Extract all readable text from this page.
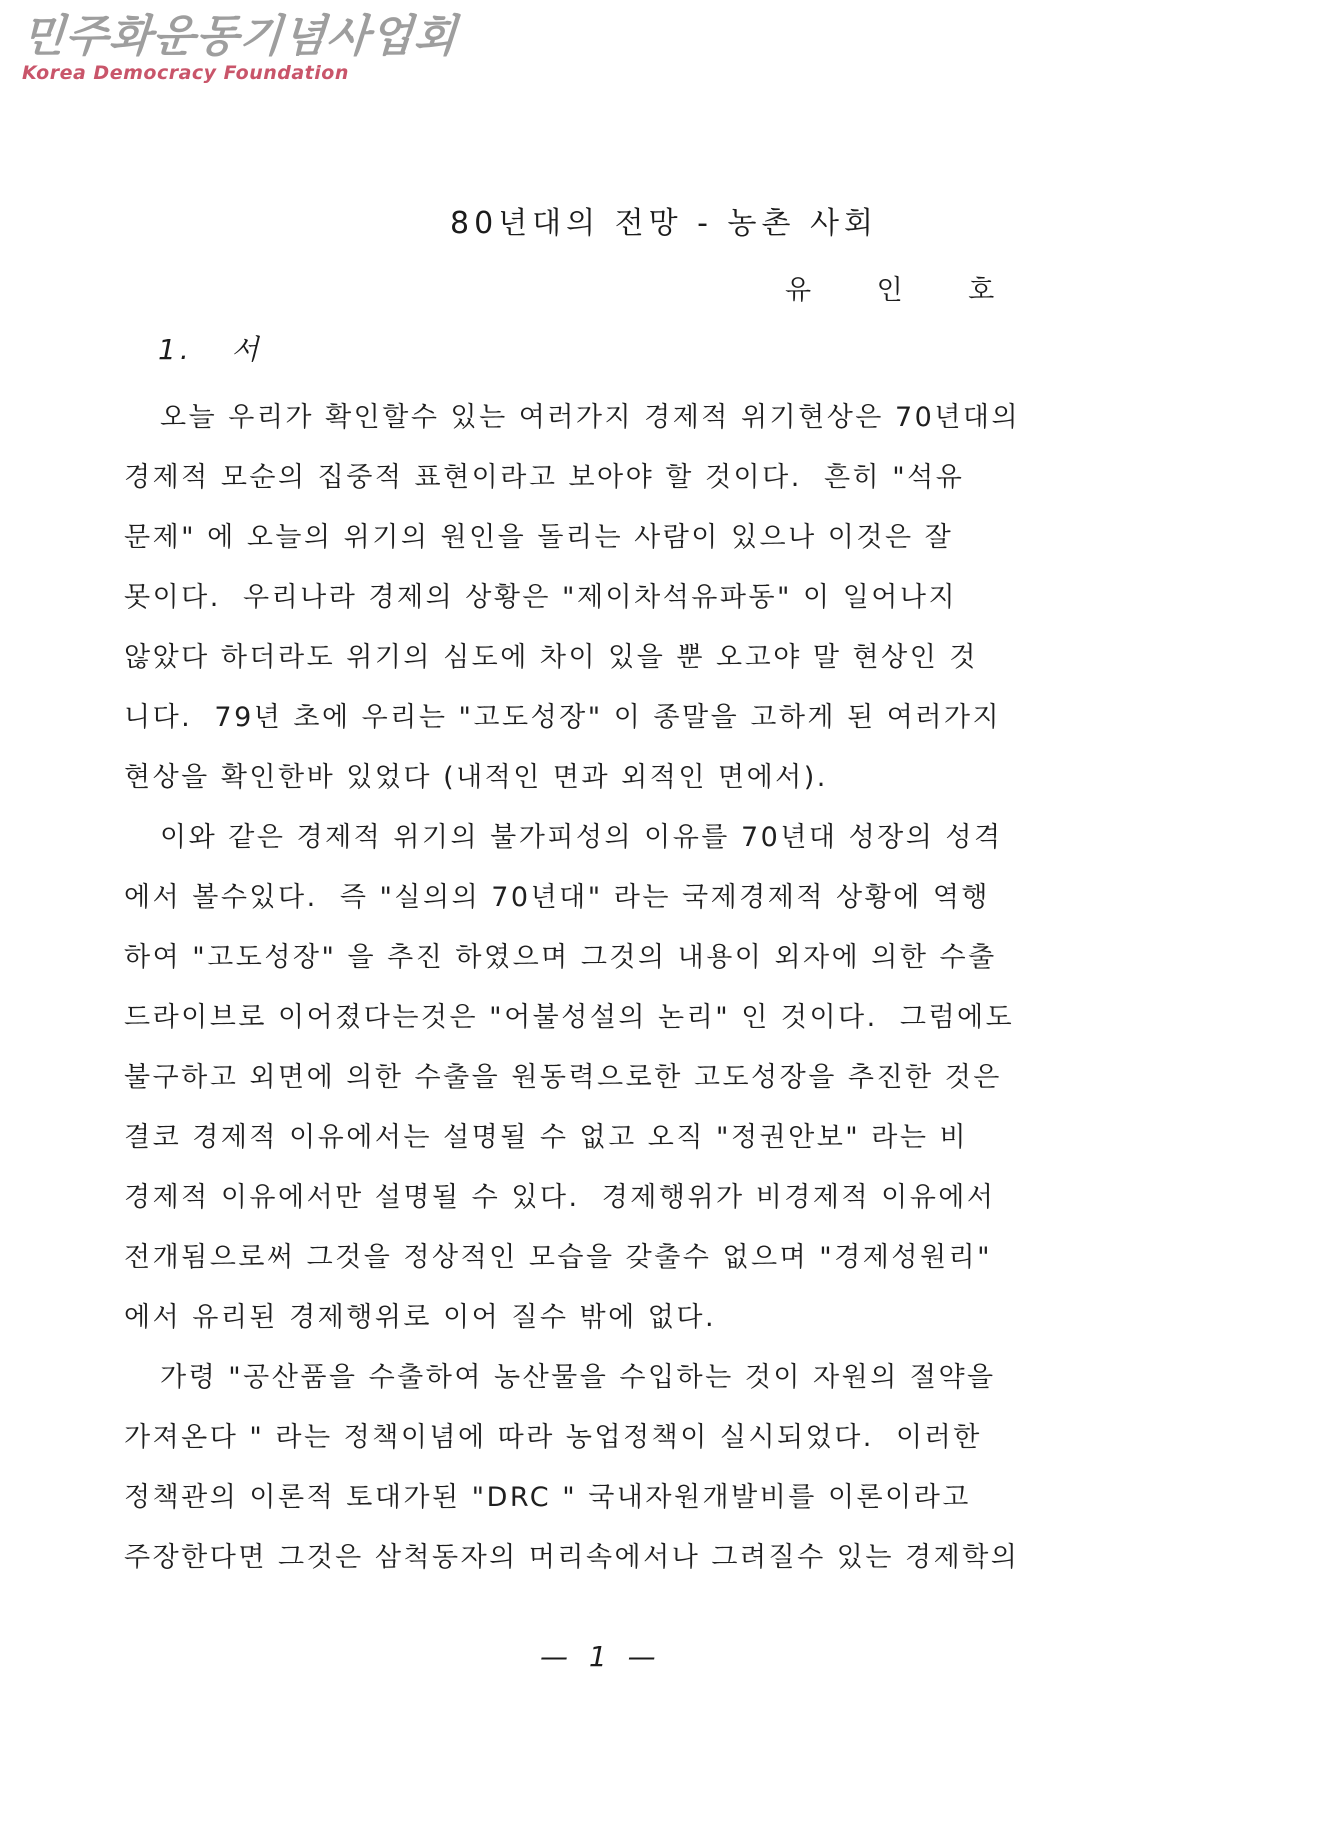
민주화운동기념사업회
Korea Democracy Foundation
80년대의 전망 - 농촌 사회
유      인      호
1.   서
오늘 우리가 확인할수 있는 여러가지 경제적 위기현상은 70년대의
경제적 모순의 집중적 표현이라고 보아야 할 것이다.  흔히 "석유
문제" 에 오늘의 위기의 원인을 돌리는 사람이 있으나 이것은 잘
못이다.  우리나라 경제의 상황은 "제이차석유파동" 이 일어나지
않았다 하더라도 위기의 심도에 차이 있을 뿐 오고야 말 현상인 것
니다.  79년 초에 우리는 "고도성장" 이 종말을 고하게 된 여러가지
현상을 확인한바 있었다 (내적인 면과 외적인 면에서).
이와 같은 경제적 위기의 불가피성의 이유를 70년대 성장의 성격
에서 볼수있다.  즉 "실의의 70년대" 라는 국제경제적 상황에 역행
하여 "고도성장" 을 추진 하였으며 그것의 내용이 외자에 의한 수출
드라이브로 이어졌다는것은 "어불성설의 논리" 인 것이다.  그럼에도
불구하고 외면에 의한 수출을 원동력으로한 고도성장을 추진한 것은
결코 경제적 이유에서는 설명될 수 없고 오직 "정권안보" 라는 비
경제적 이유에서만 설명될 수 있다.  경제행위가 비경제적 이유에서
전개됨으로써 그것을 정상적인 모습을 갖출수 없으며 "경제성원리"
에서 유리된 경제행위로 이어 질수 밖에 없다.
가령 "공산품을 수출하여 농산물을 수입하는 것이 자원의 절약을
가져온다 " 라는 정책이념에 따라 농업정책이 실시되었다.  이러한
정책관의 이론적 토대가된 "DRC " 국내자원개발비를 이론이라고
주장한다면 그것은 삼척동자의 머리속에서나 그려질수 있는 경제학의
— 1 —
